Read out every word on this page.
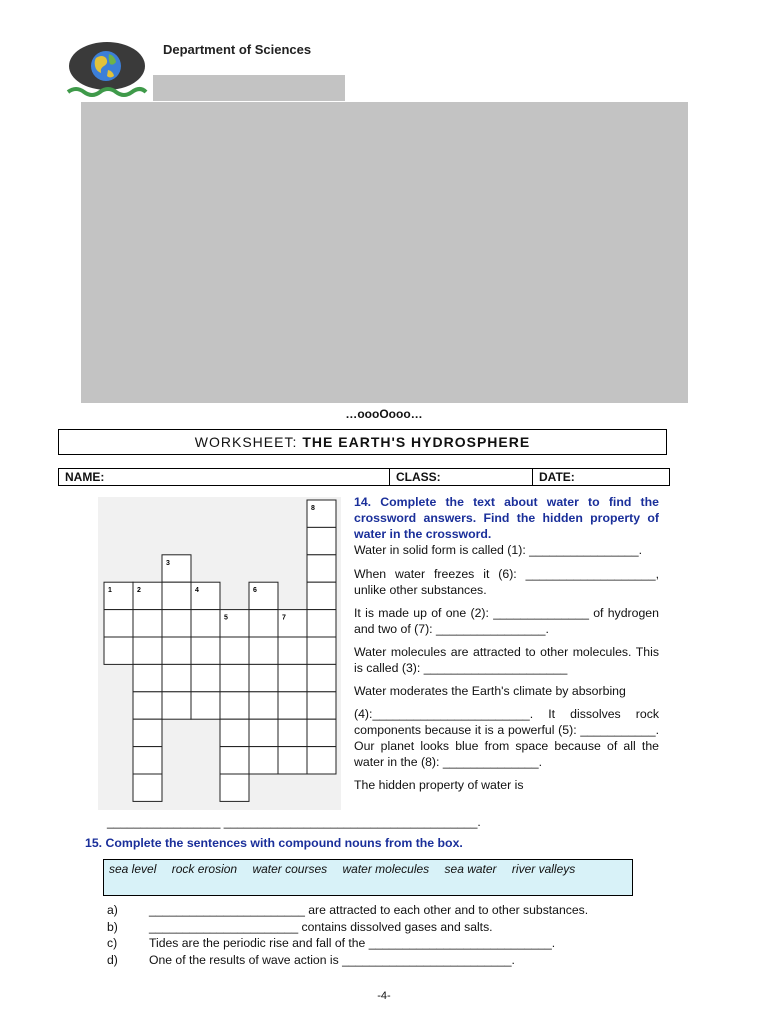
Department of Sciences
…oooOooo…
WORKSHEET: THE EARTH'S HYDROSPHERE
NAME:	CLASS:	DATE:
1	2
3
4
5
6
7
8	14. Complete the text about water to find the crossword answers. Find the hidden property of water in the crossword.
Water in solid form is called (1): ________________.
When water freezes it (6): ___________________, unlike other substances.
It is made up of one (2): ______________ of hydrogen and two of (7): ________________.
Water molecules are attracted to other molecules. This is called (3): _____________________
Water moderates the Earth's climate by absorbing
(4):_______________________. It dissolves rock components because it is a powerful (5): ___________. Our planet looks blue from space because of all the water in the (8): ______________.
The hidden property of water is
_________________ ______________________________________.
15. Complete the sentences with compound nouns from the box.
sea level rock erosion water courses water molecules sea water river valleys
a)	_______________________ are attracted to each other and to other substances.
b)	______________________ contains dissolved gases and salts.
c)	Tides are the periodic rise and fall of the ___________________________.
d)	One of the results of wave action is _________________________.
-4-
